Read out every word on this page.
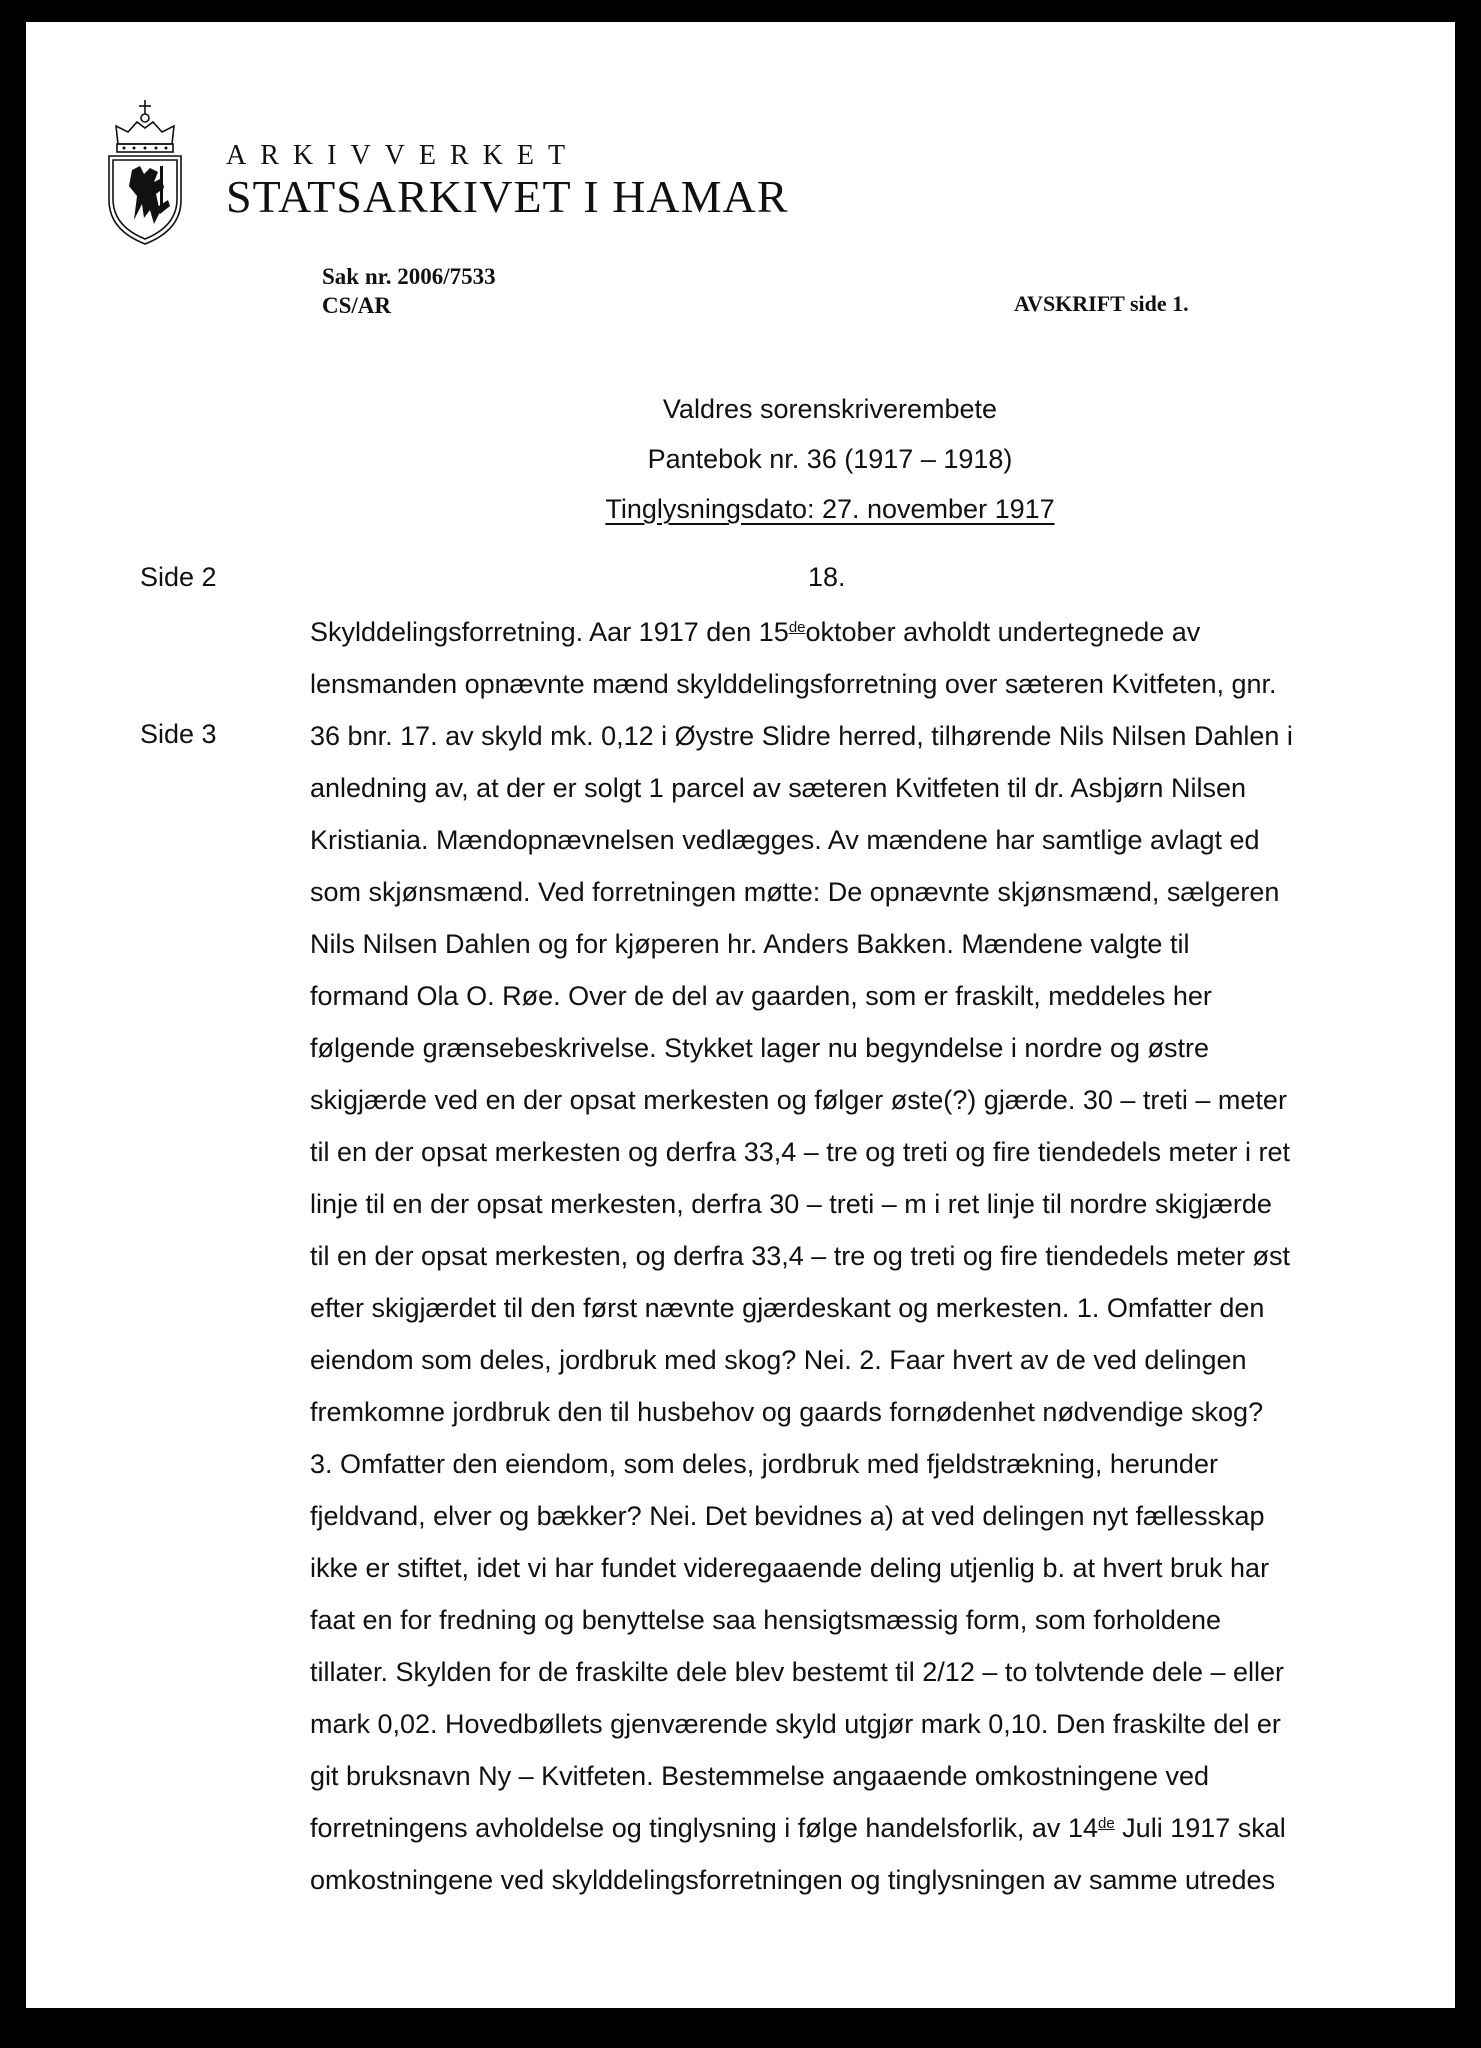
ARKIVVERKET
STATSARKIVET I HAMAR
Sak nr. 2006/7533
CS/AR	AVSKRIFT side 1.
Valdres sorenskriverembete
Pantebok nr. 36 (1917 – 1918)
Tinglysningsdato: 27. november 1917
Side 2
Side 3
18.
Skylddelingsforretning. Aar 1917 den 15deoktober avholdt undertegnede av
lensmanden opnævnte mænd skylddelingsforretning over sæteren Kvitfeten, gnr.
36 bnr. 17. av skyld mk. 0,12 i Øystre Slidre herred, tilhørende Nils Nilsen Dahlen i
anledning av, at der er solgt 1 parcel av sæteren Kvitfeten til dr. Asbjørn Nilsen
Kristiania. Mændopnævnelsen vedlægges. Av mændene har samtlige avlagt ed
som skjønsmænd. Ved forretningen møtte: De opnævnte skjønsmænd, sælgeren
Nils Nilsen Dahlen og for kjøperen hr. Anders Bakken. Mændene valgte til
formand Ola O. Røe. Over de del av gaarden, som er fraskilt, meddeles her
følgende grænsebeskrivelse. Stykket lager nu begyndelse i nordre og østre
skigjærde ved en der opsat merkesten og følger øste(?) gjærde. 30 – treti – meter
til en der opsat merkesten og derfra 33,4 – tre og treti og fire tiendedels meter i ret
linje til en der opsat merkesten, derfra 30 – treti – m i ret linje til nordre skigjærde
til en der opsat merkesten, og derfra 33,4 – tre og treti og fire tiendedels meter øst
efter skigjærdet til den først nævnte gjærdeskant og merkesten. 1. Omfatter den
eiendom som deles, jordbruk med skog? Nei. 2. Faar hvert av de ved delingen
fremkomne jordbruk den til husbehov og gaards fornødenhet nødvendige skog?
3. Omfatter den eiendom, som deles, jordbruk med fjeldstrækning, herunder
fjeldvand, elver og bækker? Nei. Det bevidnes a) at ved delingen nyt fællesskap
ikke er stiftet, idet vi har fundet videregaaende deling utjenlig b. at hvert bruk har
faat en for fredning og benyttelse saa hensigtsmæssig form, som forholdene
tillater. Skylden for de fraskilte dele blev bestemt til 2/12 – to tolvtende dele – eller
mark 0,02. Hovedbøllets gjenværende skyld utgjør mark 0,10. Den fraskilte del er
git bruksnavn Ny – Kvitfeten. Bestemmelse angaaende omkostningene ved
forretningens avholdelse og tinglysning i følge handelsforlik, av 14de Juli 1917 skal
omkostningene ved skylddelingsforretningen og tinglysningen av samme utredes
